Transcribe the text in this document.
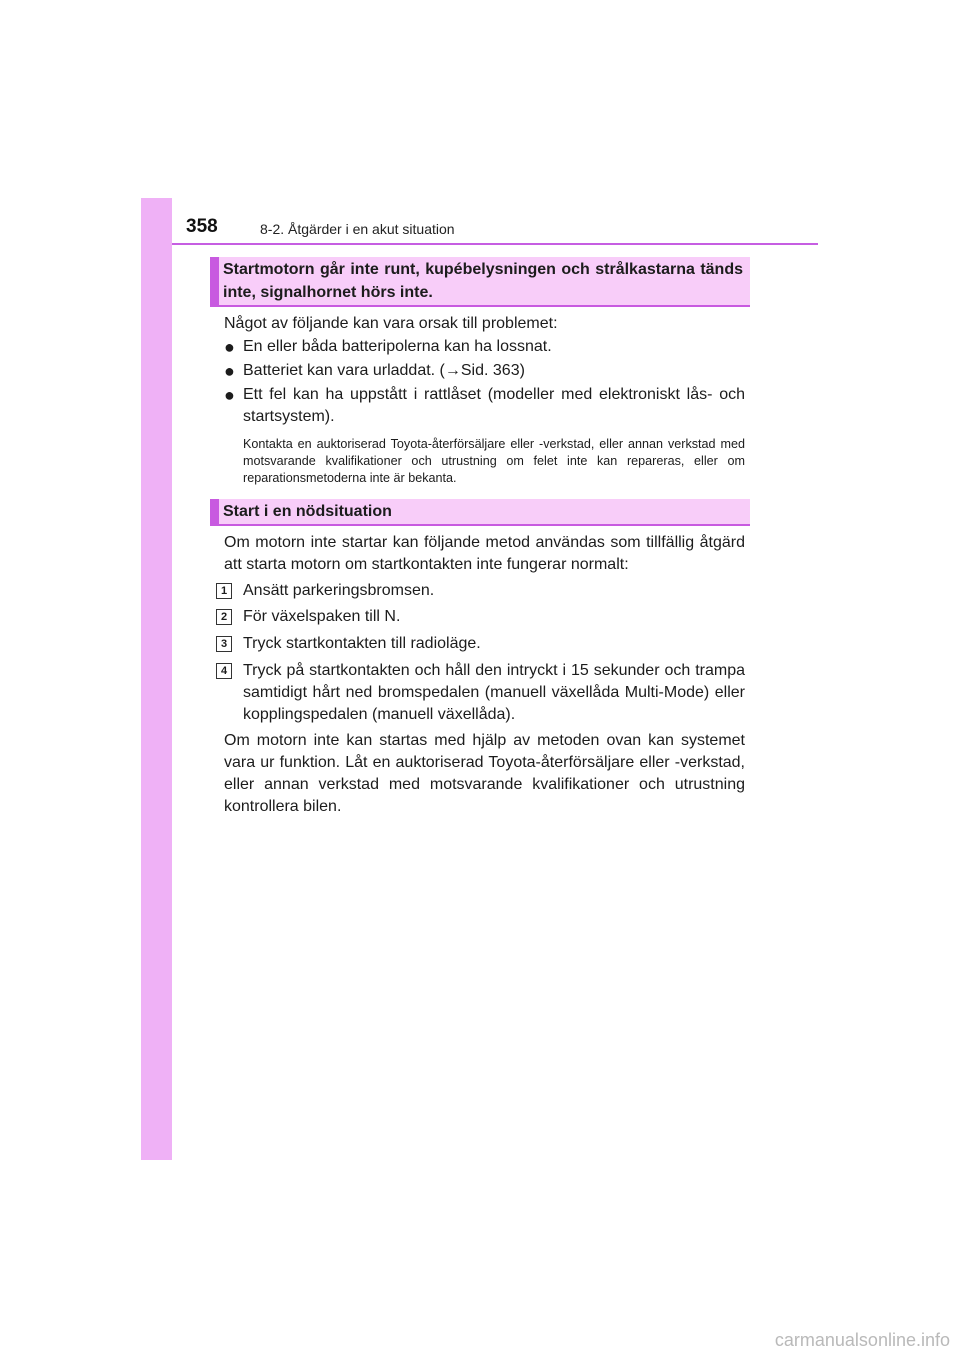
358	8-2. Åtgärder i en akut situation
Startmotorn går inte runt, kupébelysningen och strålkastarna tänds inte, signalhornet hörs inte.
Något av följande kan vara orsak till problemet:
● En eller båda batteripolerna kan ha lossnat.
● Batteriet kan vara urladdat. (→Sid. 363)
● Ett fel kan ha uppstått i rattlåset (modeller med elektroniskt lås- och startsystem).
Kontakta en auktoriserad Toyota-återförsäljare eller -verkstad, eller annan verkstad med motsvarande kvalifikationer och utrustning om felet inte kan repareras, eller om reparationsmetoderna inte är bekanta.
Start i en nödsituation
Om motorn inte startar kan följande metod användas som tillfällig åtgärd att starta motorn om startkontakten inte fungerar normalt:
1 Ansätt parkeringsbromsen.
2 För växelspaken till N.
3 Tryck startkontakten till radioläge.
4 Tryck på startkontakten och håll den intryckt i 15 sekunder och trampa samtidigt hårt ned bromspedalen (manuell växellåda Multi-Mode) eller kopplingspedalen (manuell växellåda).
Om motorn inte kan startas med hjälp av metoden ovan kan systemet vara ur funktion. Låt en auktoriserad Toyota-återförsäljare eller -verkstad, eller annan verkstad med motsvarande kvalifikationer och utrustning kontrollera bilen.
carmanualsonline.info
